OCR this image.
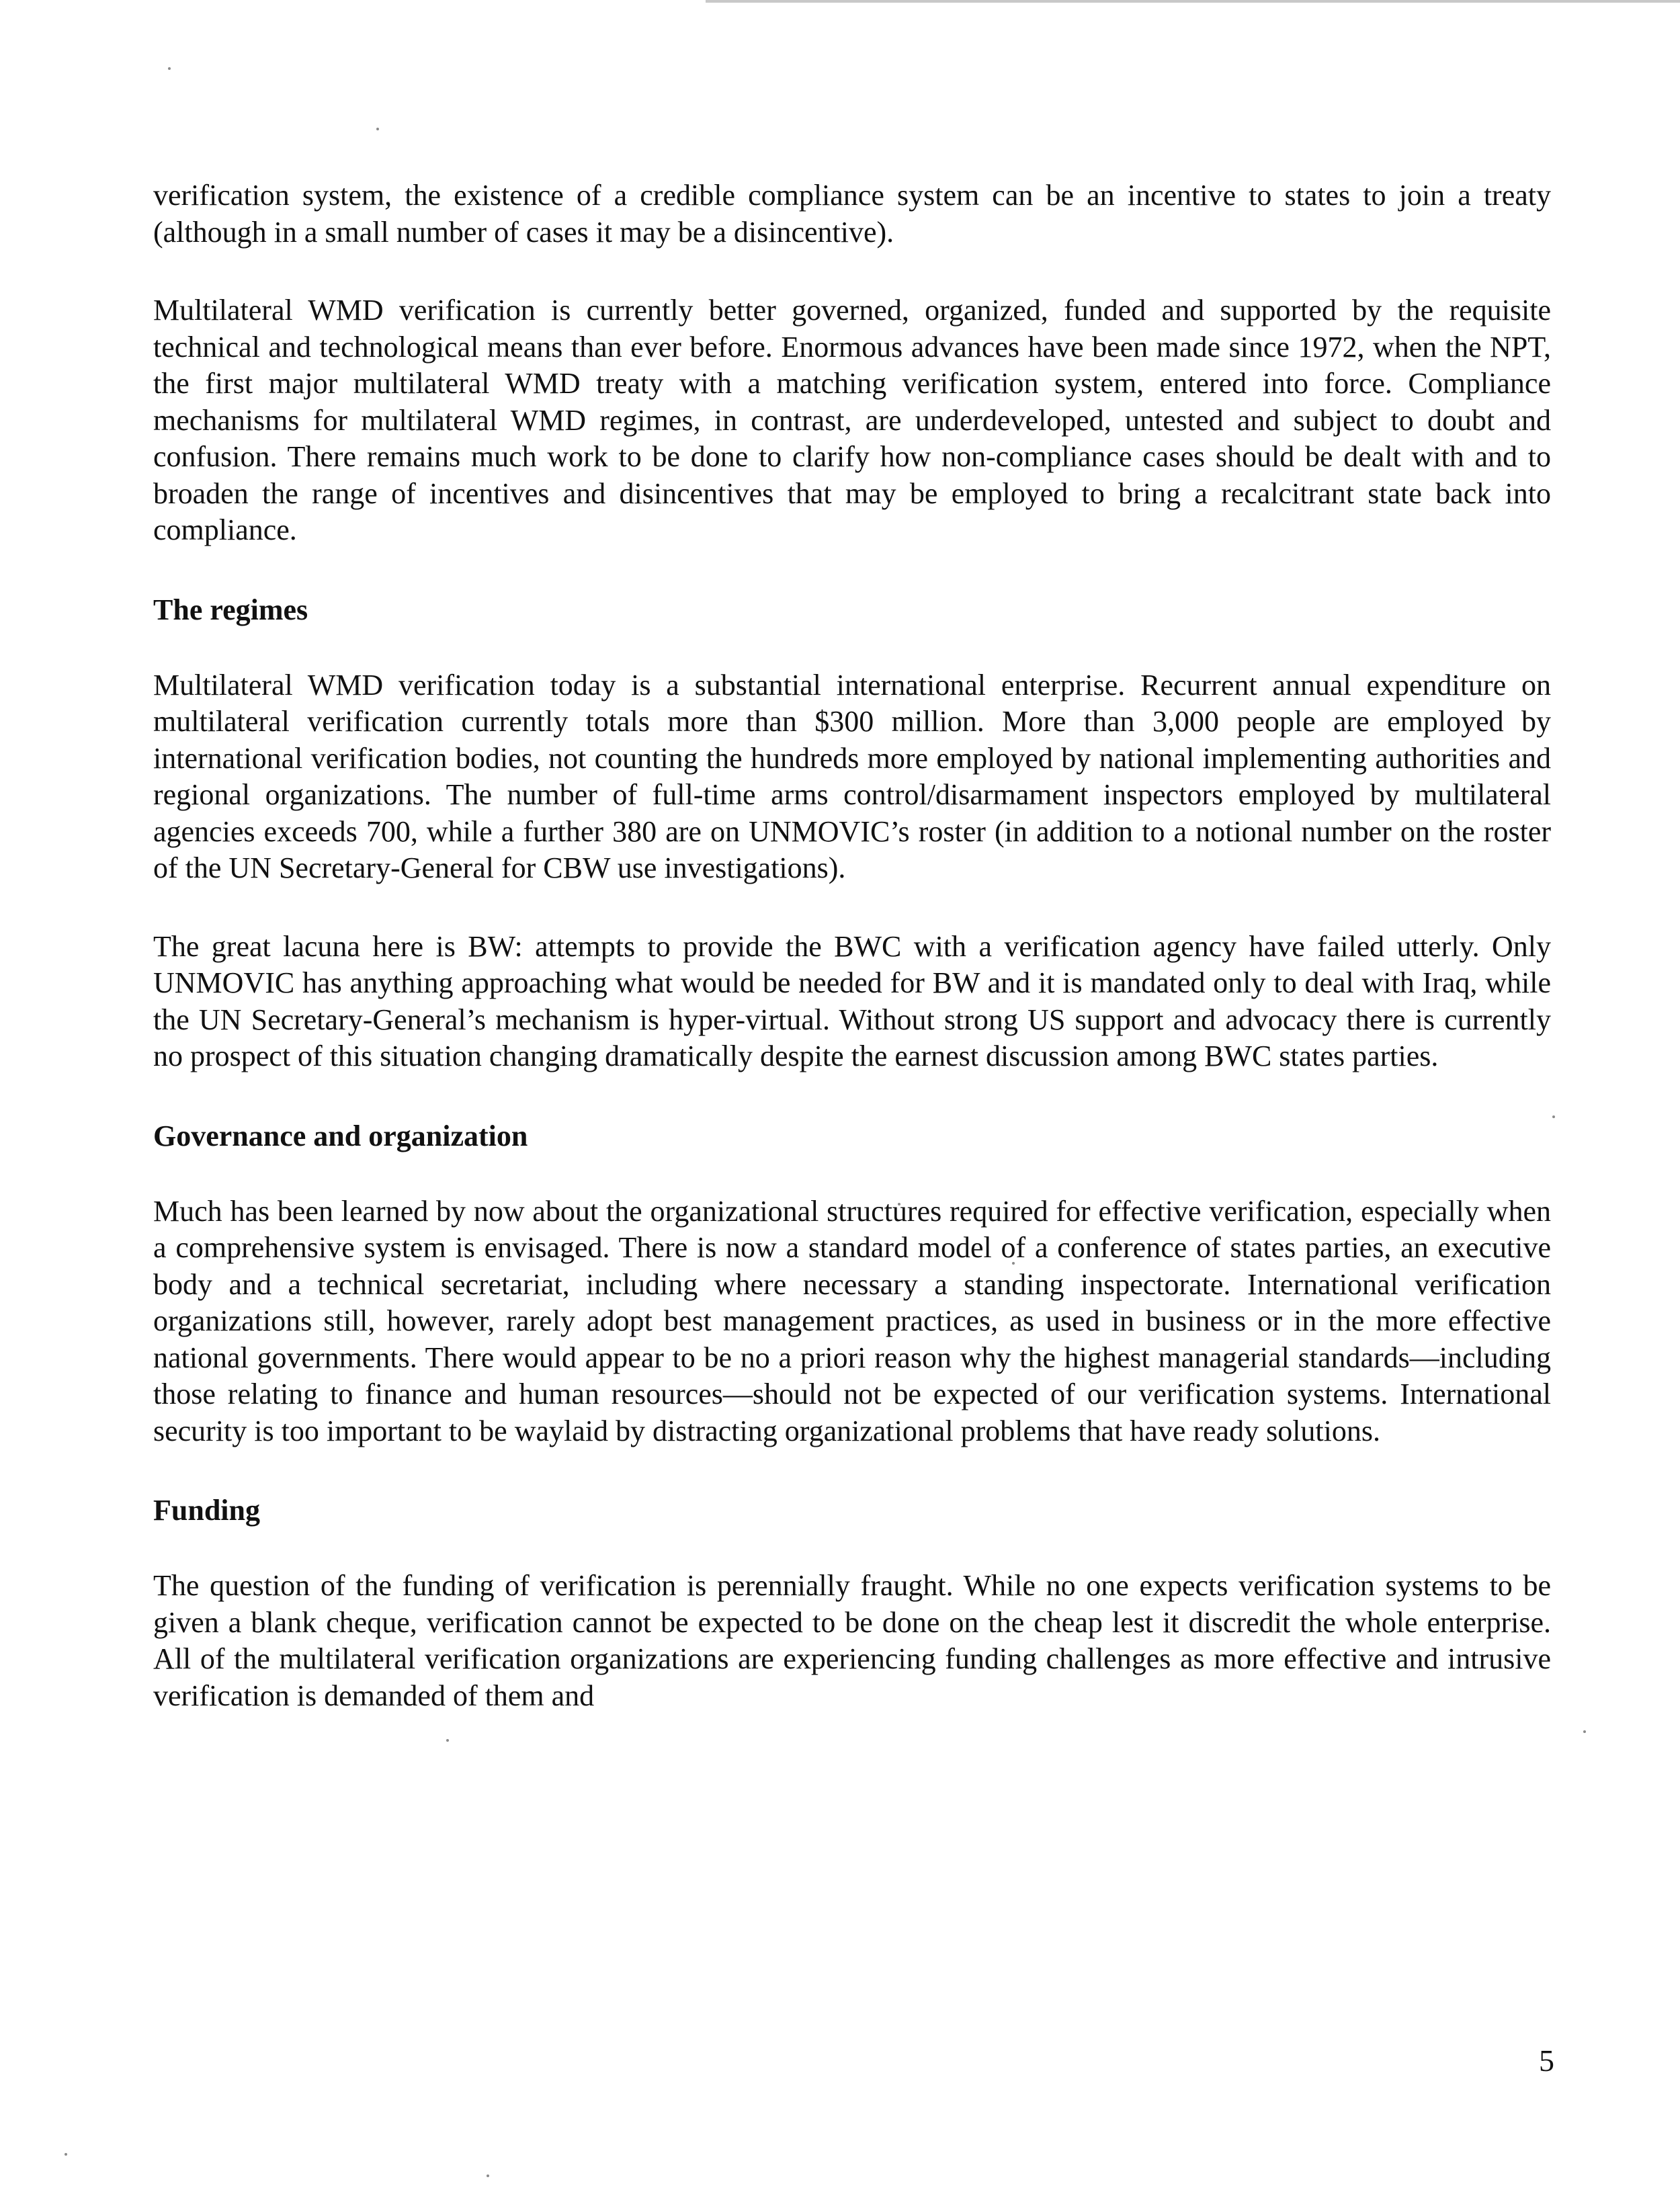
verification system, the existence of a credible compliance system can be an incentive to states to join a treaty (although in a small number of cases it may be a disincentive).

Multilateral WMD verification is currently better governed, organized, funded and supported by the requisite technical and technological means than ever before. Enormous advances have been made since 1972, when the NPT, the first major multilateral WMD treaty with a matching verification system, entered into force. Compliance mechanisms for multilateral WMD regimes, in contrast, are underdeveloped, untested and subject to doubt and confusion. There remains much work to be done to clarify how non-compliance cases should be dealt with and to broaden the range of incentives and disincentives that may be employed to bring a recalcitrant state back into compliance.

The regimes

Multilateral WMD verification today is a substantial international enterprise. Recurrent annual expenditure on multilateral verification currently totals more than $300 million. More than 3,000 people are employed by international verification bodies, not counting the hundreds more employed by national implementing authorities and regional organizations. The number of full-time arms control/disarmament inspectors employed by multilateral agencies exceeds 700, while a further 380 are on UNMOVIC’s roster (in addition to a notional number on the roster of the UN Secretary-General for CBW use investigations).

The great lacuna here is BW: attempts to provide the BWC with a verification agency have failed utterly. Only UNMOVIC has anything approaching what would be needed for BW and it is mandated only to deal with Iraq, while the UN Secretary-General’s mechanism is hyper-virtual. Without strong US support and advocacy there is currently no prospect of this situation changing dramatically despite the earnest discussion among BWC states parties.

Governance and organization

Much has been learned by now about the organizational structures required for effective verification, especially when a comprehensive system is envisaged. There is now a standard model of a conference of states parties, an executive body and a technical secretariat, including where necessary a standing inspectorate. International verification organizations still, however, rarely adopt best management practices, as used in business or in the more effective national governments. There would appear to be no a priori reason why the highest managerial standards—including those relating to finance and human resources—should not be expected of our verification systems. International security is too important to be waylaid by distracting organizational problems that have ready solutions.

Funding

The question of the funding of verification is perennially fraught. While no one expects verification systems to be given a blank cheque, verification cannot be expected to be done on the cheap lest it discredit the whole enterprise. All of the multilateral verification organizations are experiencing funding challenges as more effective and intrusive verification is demanded of them and

5
